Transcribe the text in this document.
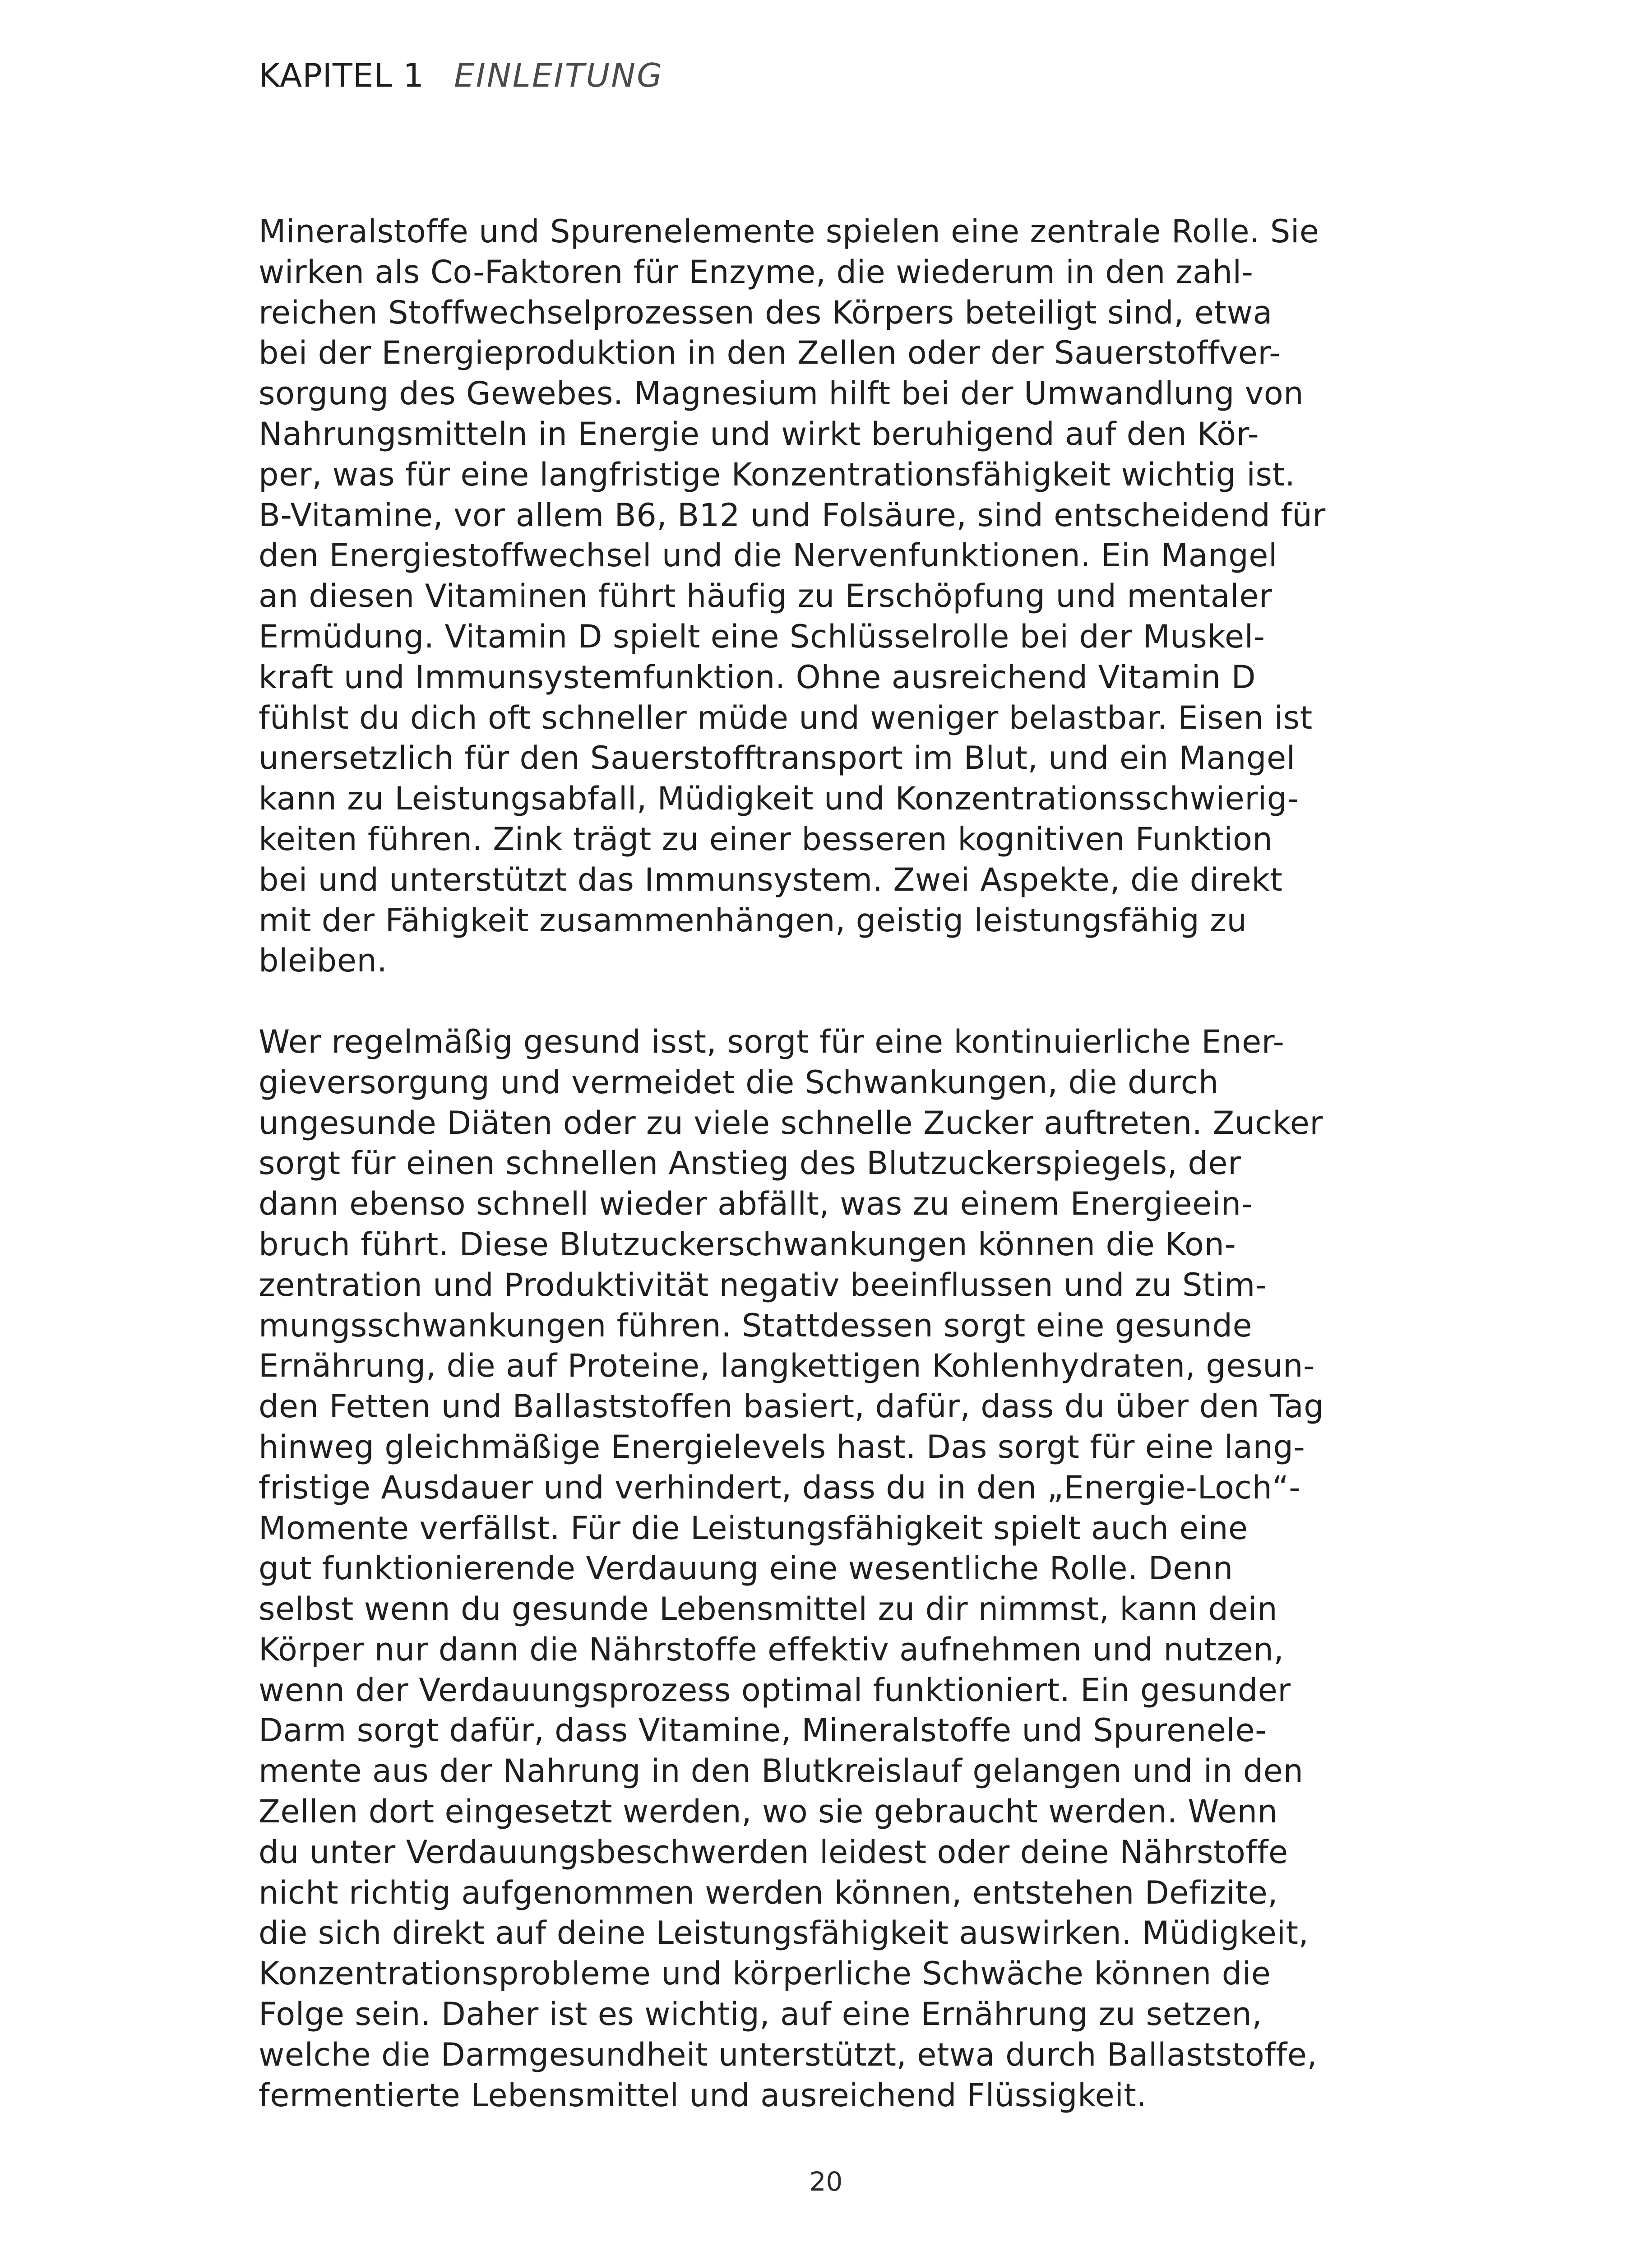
KAPITEL 1 EINLEITUNG
Mineralstoffe und Spurenelemente spielen eine zentrale Rolle. Sie
wirken als Co-Faktoren für Enzyme, die wiederum in den zahl-
reichen Stoffwechselprozessen des Körpers beteiligt sind, etwa
bei der Energieproduktion in den Zellen oder der Sauerstoffver-
sorgung des Gewebes. Magnesium hilft bei der Umwandlung von
Nahrungsmitteln in Energie und wirkt beruhigend auf den Kör-
per, was für eine langfristige Konzentrationsfähigkeit wichtig ist.
B-Vitamine, vor allem B6, B12 und Folsäure, sind entscheidend für
den Energiestoffwechsel und die Nervenfunktionen. Ein Mangel
an diesen Vitaminen führt häufig zu Erschöpfung und mentaler
Ermüdung. Vitamin D spielt eine Schlüsselrolle bei der Muskel-
kraft und Immunsystemfunktion. Ohne ausreichend Vitamin D
fühlst du dich oft schneller müde und weniger belastbar. Eisen ist
unersetzlich für den Sauerstofftransport im Blut, und ein Mangel
kann zu Leistungsabfall, Müdigkeit und Konzentrationsschwierig-
keiten führen. Zink trägt zu einer besseren kognitiven Funktion
bei und unterstützt das Immunsystem. Zwei Aspekte, die direkt
mit der Fähigkeit zusammenhängen, geistig leistungsfähig zu
bleiben.
Wer regelmäßig gesund isst, sorgt für eine kontinuierliche Ener-
gieversorgung und vermeidet die Schwankungen, die durch
ungesunde Diäten oder zu viele schnelle Zucker auftreten. Zucker
sorgt für einen schnellen Anstieg des Blutzuckerspiegels, der
dann ebenso schnell wieder abfällt, was zu einem Energieein-
bruch führt. Diese Blutzuckerschwankungen können die Kon-
zentration und Produktivität negativ beeinflussen und zu Stim-
mungsschwankungen führen. Stattdessen sorgt eine gesunde
Ernährung, die auf Proteine, langkettigen Kohlenhydraten, gesun-
den Fetten und Ballaststoffen basiert, dafür, dass du über den Tag
hinweg gleichmäßige Energielevels hast. Das sorgt für eine lang-
fristige Ausdauer und verhindert, dass du in den „Energie-Loch“-
Momente verfällst. Für die Leistungsfähigkeit spielt auch eine
gut funktionierende Verdauung eine wesentliche Rolle. Denn
selbst wenn du gesunde Lebensmittel zu dir nimmst, kann dein
Körper nur dann die Nährstoffe effektiv aufnehmen und nutzen,
wenn der Verdauungsprozess optimal funktioniert. Ein gesunder
Darm sorgt dafür, dass Vitamine, Mineralstoffe und Spurenele-
mente aus der Nahrung in den Blutkreislauf gelangen und in den
Zellen dort eingesetzt werden, wo sie gebraucht werden. Wenn
du unter Verdauungsbeschwerden leidest oder deine Nährstoffe
nicht richtig aufgenommen werden können, entstehen Defizite,
die sich direkt auf deine Leistungsfähigkeit auswirken. Müdigkeit,
Konzentrationsprobleme und körperliche Schwäche können die
Folge sein. Daher ist es wichtig, auf eine Ernährung zu setzen,
welche die Darmgesundheit unterstützt, etwa durch Ballaststoffe,
fermentierte Lebensmittel und ausreichend Flüssigkeit.
20
